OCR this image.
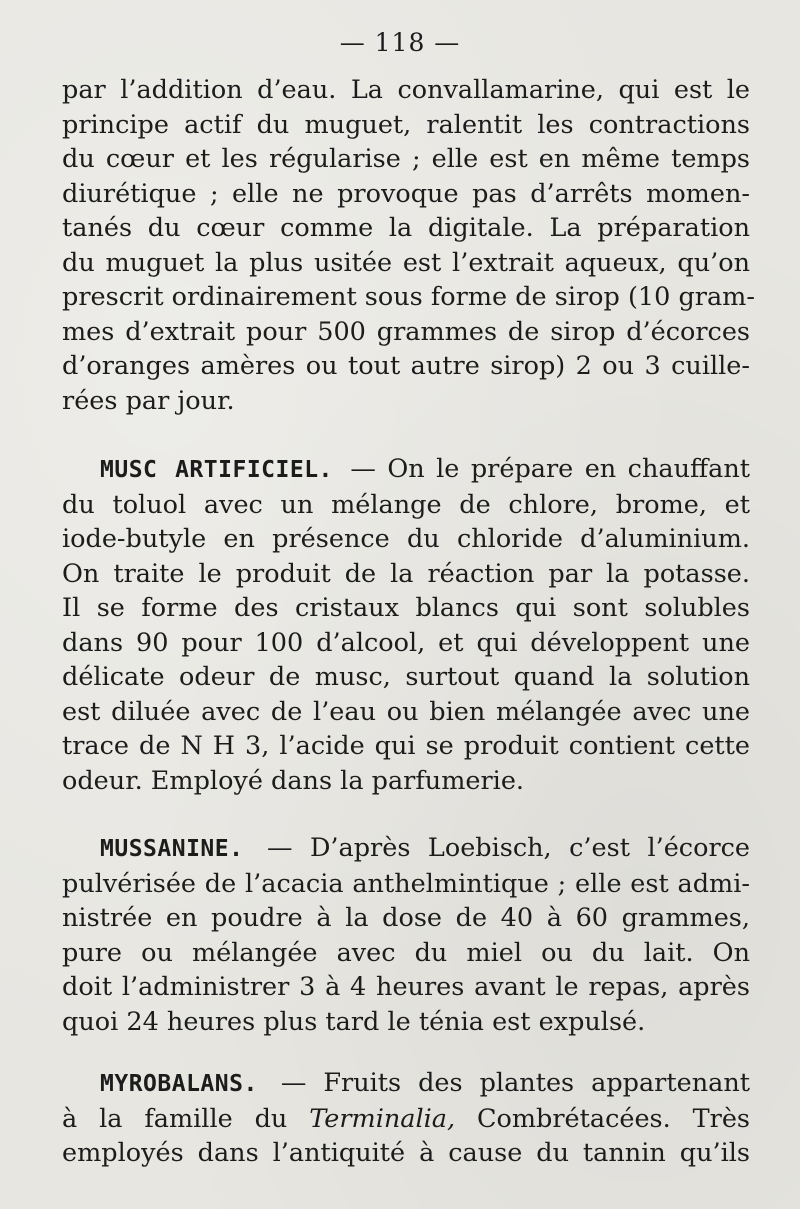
— 118 —
par l’addition d’eau. La convallamarine, qui est le
principe actif du muguet, ralentit les contractions
du cœur et les régularise ; elle est en même temps
diurétique ; elle ne provoque pas d’arrêts momen-
tanés du cœur comme la digitale. La préparation
du muguet la plus usitée est l’extrait aqueux, qu’on
prescrit ordinairement sous forme de sirop (10 gram-
mes d’extrait pour 500 grammes de sirop d’écorces
d’oranges amères ou tout autre sirop) 2 ou 3 cuille-
rées par jour.
MUSC ARTIFICIEL. — On le prépare en chauffant
du toluol avec un mélange de chlore, brome, et
iode-butyle en présence du chloride d’aluminium.
On traite le produit de la réaction par la potasse.
Il se forme des cristaux blancs qui sont solubles
dans 90 pour 100 d’alcool, et qui développent une
délicate odeur de musc, surtout quand la solution
est diluée avec de l’eau ou bien mélangée avec une
trace de N H 3, l’acide qui se produit contient cette
odeur. Employé dans la parfumerie.
MUSSANINE. — D’après Loebisch, c’est l’écorce
pulvérisée de l’acacia anthelmintique ; elle est admi-
nistrée en poudre à la dose de 40 à 60 grammes,
pure ou mélangée avec du miel ou du lait. On
doit l’administrer 3 à 4 heures avant le repas, après
quoi 24 heures plus tard le ténia est expulsé.
MYROBALANS. — Fruits des plantes appartenant
à la famille du Terminalia, Combrétacées. Très
employés dans l’antiquité à cause du tannin qu’ils
